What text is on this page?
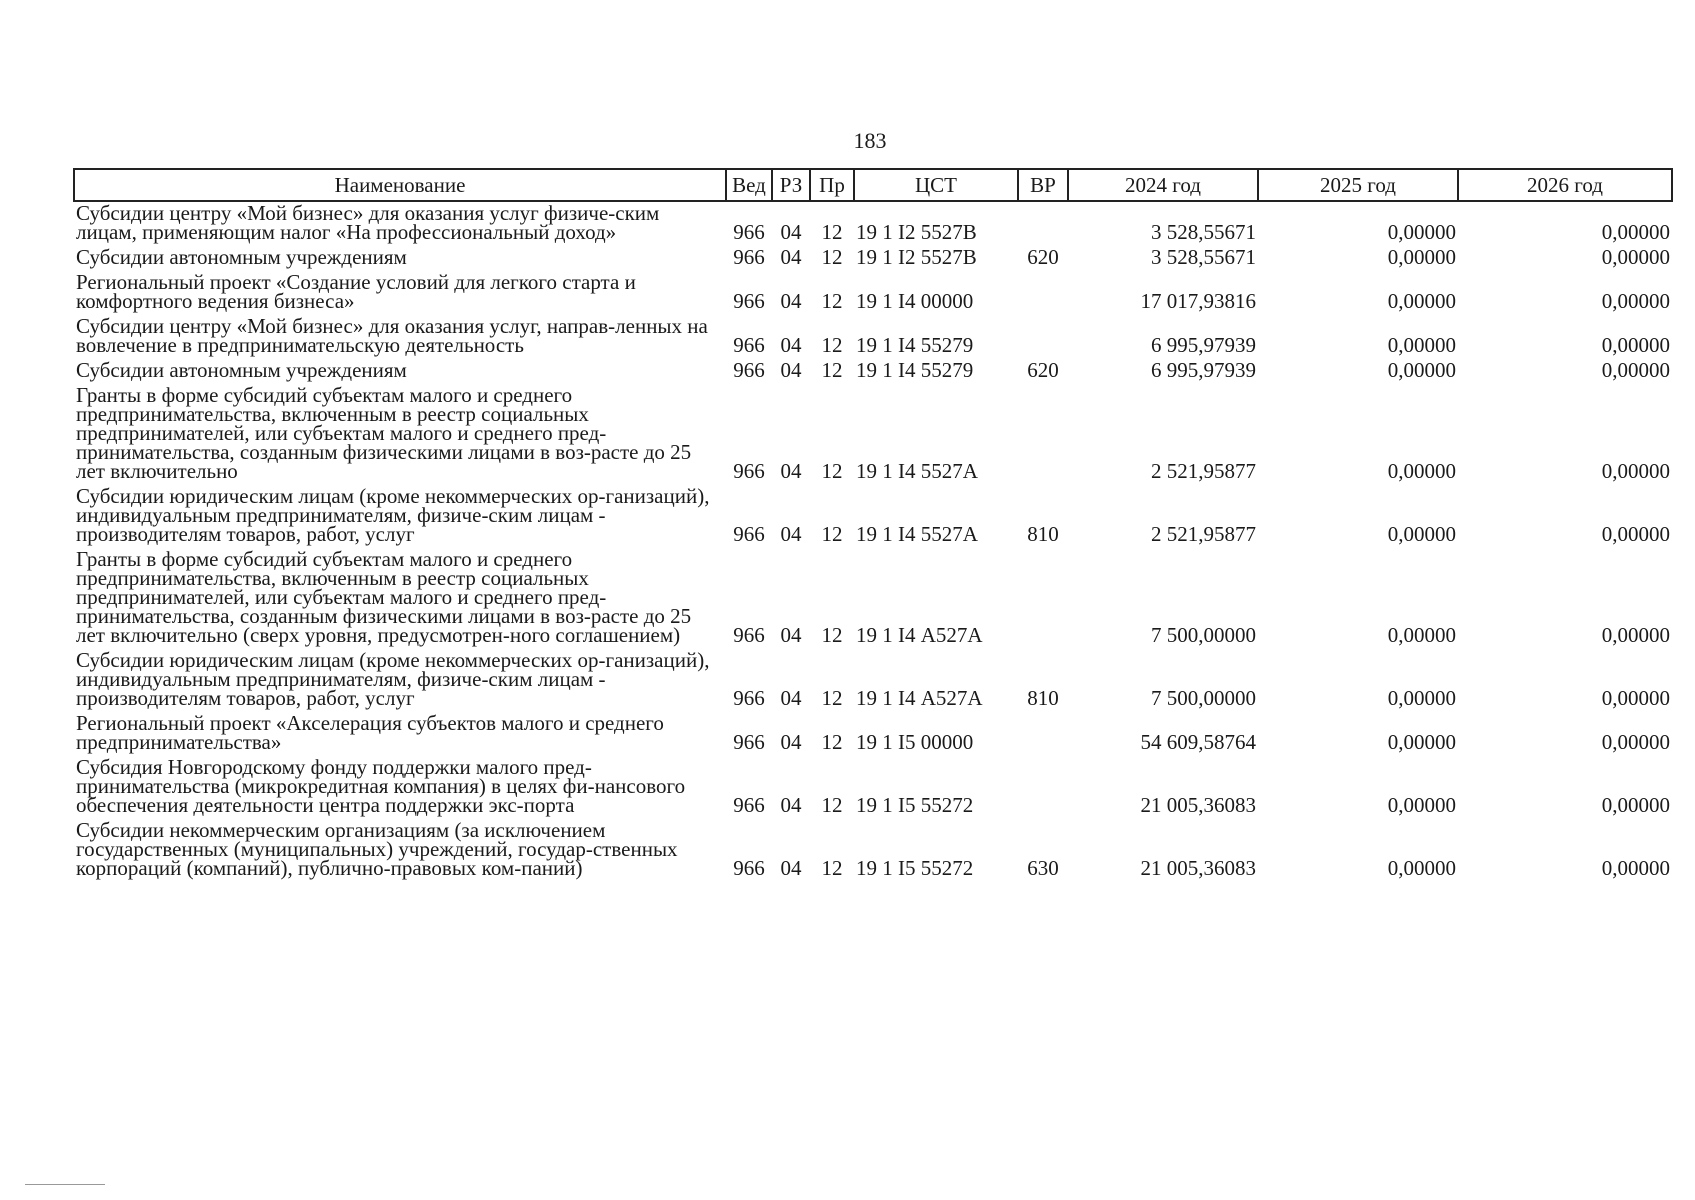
183
Наименование	Вед	РЗ	Пр	ЦСТ	ВР	2024 год	2025 год	2026 год
Субсидии центру «Мой бизнес» для оказания услуг физиче-ским лицам, применяющим налог «На профессиональный доход»	966	04	12	19 1 I2 5527В		3 528,55671	0,00000	0,00000
Субсидии автономным учреждениям	966	04	12	19 1 I2 5527В	620	3 528,55671	0,00000	0,00000
Региональный проект «Создание условий для легкого старта и комфортного ведения бизнеса»	966	04	12	19 1 I4 00000		17 017,93816	0,00000	0,00000
Субсидии центру «Мой бизнес» для оказания услуг, направ-ленных на вовлечение в предпринимательскую деятельность	966	04	12	19 1 I4 55279		6 995,97939	0,00000	0,00000
Субсидии автономным учреждениям	966	04	12	19 1 I4 55279	620	6 995,97939	0,00000	0,00000
Гранты в форме субсидий субъектам малого и среднего предпринимательства, включенным в реестр социальных предпринимателей, или субъектам малого и среднего пред-принимательства, созданным физическими лицами в воз-расте до 25 лет включительно	966	04	12	19 1 I4 5527А		2 521,95877	0,00000	0,00000
Субсидии юридическим лицам (кроме некоммерческих ор-ганизаций), индивидуальным предпринимателям, физиче-ским лицам - производителям товаров, работ, услуг	966	04	12	19 1 I4 5527А	810	2 521,95877	0,00000	0,00000
Гранты в форме субсидий субъектам малого и среднего предпринимательства, включенным в реестр социальных предпринимателей, или субъектам малого и среднего пред-принимательства, созданным физическими лицами в воз-расте до 25 лет включительно (сверх уровня, предусмотрен-ного соглашением)	966	04	12	19 1 I4 А527А		7 500,00000	0,00000	0,00000
Субсидии юридическим лицам (кроме некоммерческих ор-ганизаций), индивидуальным предпринимателям, физиче-ским лицам - производителям товаров, работ, услуг	966	04	12	19 1 I4 А527А	810	7 500,00000	0,00000	0,00000
Региональный проект «Акселерация субъектов малого и среднего предпринимательства»	966	04	12	19 1 I5 00000		54 609,58764	0,00000	0,00000
Субсидия Новгородскому фонду поддержки малого пред-принимательства (микрокредитная компания) в целях фи-нансового обеспечения деятельности центра поддержки экс-порта	966	04	12	19 1 I5 55272		21 005,36083	0,00000	0,00000
Субсидии некоммерческим организациям (за исключением государственных (муниципальных) учреждений, государ-ственных корпораций (компаний), публично-правовых ком-паний)	966	04	12	19 1 I5 55272	630	21 005,36083	0,00000	0,00000
